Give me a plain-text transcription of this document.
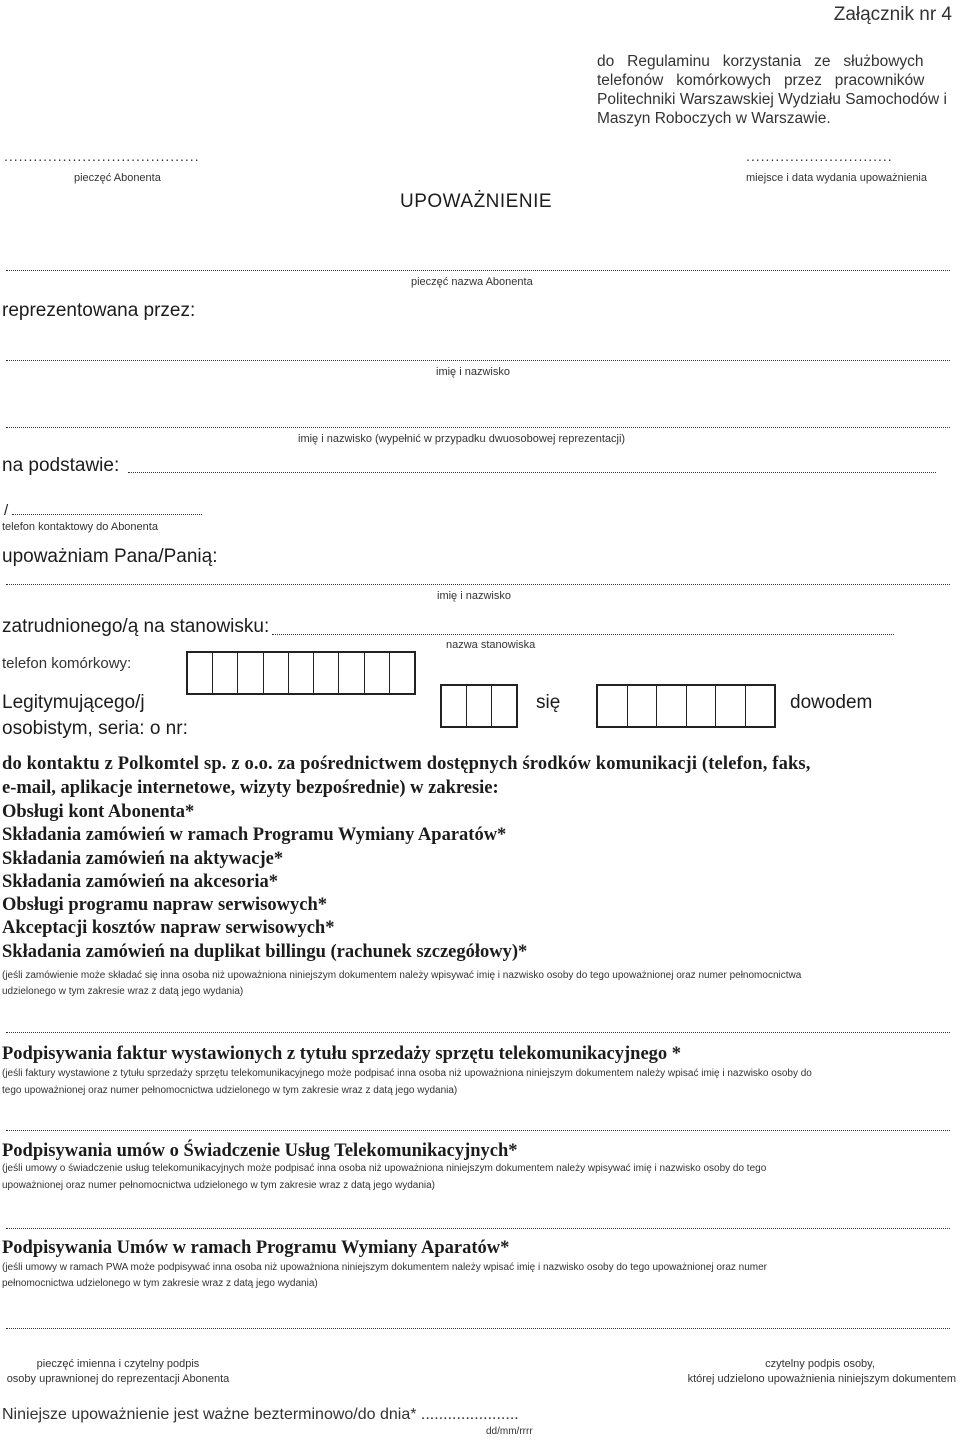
Załącznik nr 4
do   Regulaminu   korzystania   ze   służbowych
telefonów   komórkowych   przez   pracowników
Politechniki Warszawskiej Wydziału Samochodów i
Maszyn Roboczych w Warszawie.
........................................
pieczęć Abonenta
..............................
miejsce i data wydania upoważnienia
UPOWAŻNIENIE
pieczęć nazwa Abonenta
reprezentowana przez:
imię i nazwisko
imię i nazwisko (wypełnić w przypadku dwuosobowej reprezentacji)
na podstawie:
/
telefon kontaktowy do Abonenta
upoważniam Pana/Panią:
imię i nazwisko
zatrudnionego/ą na stanowisku:
nazwa stanowiska
telefon komórkowy:
Legitymującego/j
osobistym, seria: o nr:
się	dowodem
do kontaktu z Polkomtel sp. z o.o. za pośrednictwem dostępnych środków komunikacji (telefon, faks,
e-mail, aplikacje internetowe, wizyty bezpośrednie) w zakresie:
Obsługi kont Abonenta*
Składania zamówień w ramach Programu Wymiany Aparatów*
Składania zamówień na aktywacje*
Składania zamówień na akcesoria*
Obsługi programu napraw serwisowych*
Akceptacji kosztów napraw serwisowych*
Składania zamówień na duplikat billingu (rachunek szczegółowy)*
(jeśli zamówienie może składać się inna osoba niż upoważniona niniejszym dokumentem należy wpisywać imię i nazwisko osoby do tego upoważnionej oraz numer pełnomocnictwa
udzielonego w tym zakresie wraz z datą jego wydania)
Podpisywania faktur wystawionych z tytułu sprzedaży sprzętu telekomunikacyjnego *
(jeśli faktury wystawione z tytułu sprzedaży sprzętu telekomunikacyjnego może podpisać inna osoba niż upoważniona niniejszym dokumentem należy wpisać imię i nazwisko osoby do
tego upoważnionej oraz numer pełnomocnictwa udzielonego w tym zakresie wraz z datą jego wydania)
Podpisywania umów o Świadczenie Usług Telekomunikacyjnych*
(jeśli umowy o świadczenie usług telekomunikacyjnych może podpisać inna osoba niż upoważniona niniejszym dokumentem należy wpisywać imię i nazwisko osoby do tego
upoważnionej oraz numer pełnomocnictwa udzielonego w tym zakresie wraz z datą jego wydania)
Podpisywania Umów w ramach Programu Wymiany Aparatów*
(jeśli umowy w ramach PWA może podpisywać inna osoba niż upoważniona niniejszym dokumentem należy wpisać imię i nazwisko osoby do tego upoważnionej oraz numer
pełnomocnictwa udzielonego w tym zakresie wraz z datą jego wydania)
pieczęć imienna i czytelny podpis
osoby uprawnionej do reprezentacji Abonenta
czytelny podpis osoby,
której udzielono upoważnienia niniejszym dokumentem
Niniejsze upoważnienie jest ważne bezterminowo/do dnia* ......................
dd/mm/rrrr
